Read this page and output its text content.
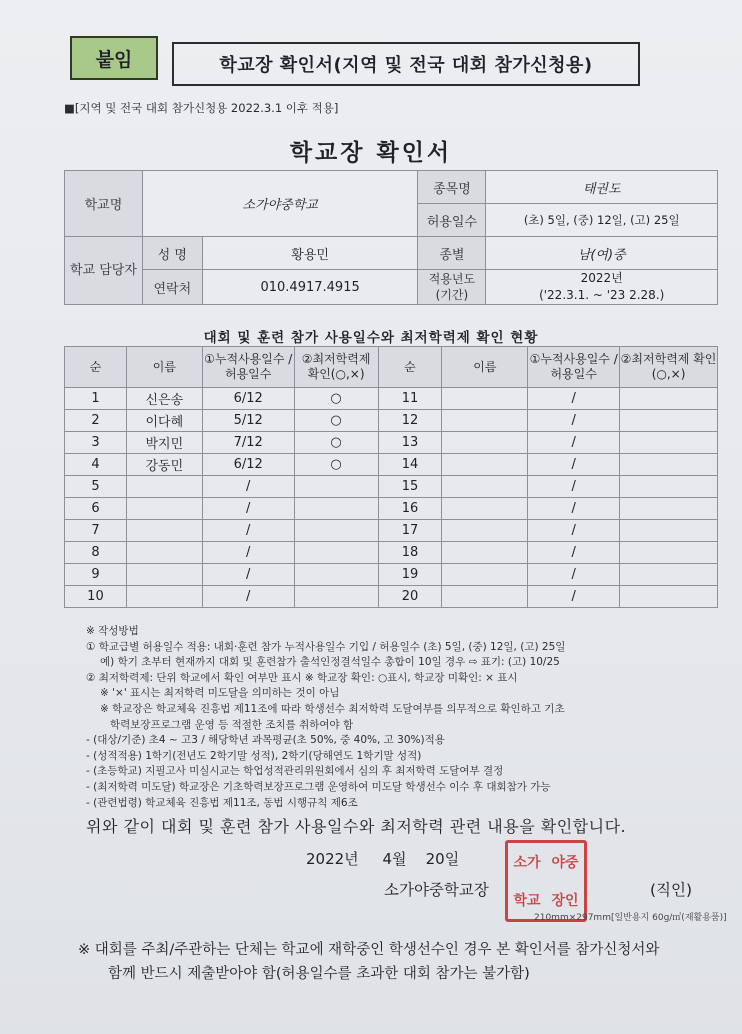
붙임	학교장 확인서(지역 및 전국 대회 참가신청용)
■[지역 및 전국 대회 참가신청용 2022.3.1 이후 적용]
학교장 확인서
학교명	소가야중학교		종목명	태권도
			허용일수	(초) 5일, (중) 12일, (고) 25일
학교 담당자	성 명	황용민	종별	남(여)중
	연락처	010.4917.4915	적용년도 (기간)	2022년
('22.3.1. ~ '23 2.28.)
대회 및 훈련 참가 사용일수와 최저학력제 확인 현황
순	이름	①누적사용일수 /허용일수	②최저학력제 확인(○,×)	순	이름	①누적사용일수 /허용일수	②최저학력제 확인(○,×)
1	신은송	6/12	○	11		/	
2	이다혜	5/12	○	12		/	
3	박지민	7/12	○	13		/	
4	강동민	6/12	○	14		/	
5		/		15		/	
6		/		16		/	
7		/		17		/	
8		/		18		/	
9		/		19		/	
10		/		20		/	
※ 작성방법
① 학교급별 허용일수 적용: 내회·훈련 참가 누적사용일수 기입 / 허용일수 (초) 5일, (중) 12일, (고) 25일
예) 학기 초부터 현재까지 대회 및 훈련참가 출석인정결석일수 총합이 10일 경우 ⇨ 표기: (고) 10/25
② 최저학력제: 단위 학교에서 확인 여부만 표시 ※ 학교장 확인: ○표시, 학교장 미확인: × 표시
※ '×' 표시는 최저학력 미도달을 의미하는 것이 아님
※ 학교장은 학교체육 진흥법 제11조에 따라 학생선수 최저학력 도달여부를 의무적으로 확인하고 기초
학력보장프로그램 운영 등 적절한 조치를 취하여야 함
- (대상/기준) 초4 ~ 고3 / 해당학년 과목평균(초 50%, 중 40%, 고 30%)적용
- (성적적용) 1학기(전년도 2학기말 성적), 2학기(당해연도 1학기말 성적)
- (초등학교) 지필고사 미실시교는 학업성적관리위원회에서 심의 후 최저학력 도달여부 결정
- (최저학력 미도달) 학교장은 기초학력보장프로그램 운영하여 미도달 학생선수 이수 후 대회참가 가능
- (관련법령) 학교체육 진흥법 제11조, 동법 시행규칙 제6조
위와 같이 대회 및 훈련 참가 사용일수와 최저학력 관련 내용을 확인합니다.
2022년 4월 20일	소가 야중
학교 장인
소가야중학교장	(직인)
210mm×297mm[일반용지 60g/㎡(재활용품)]
※ 대회를 주최/주관하는 단체는 학교에 재학중인 학생선수인 경우 본 확인서를 참가신청서와
함께 반드시 제출받아야 함(허용일수를 초과한 대회 참가는 불가함)
